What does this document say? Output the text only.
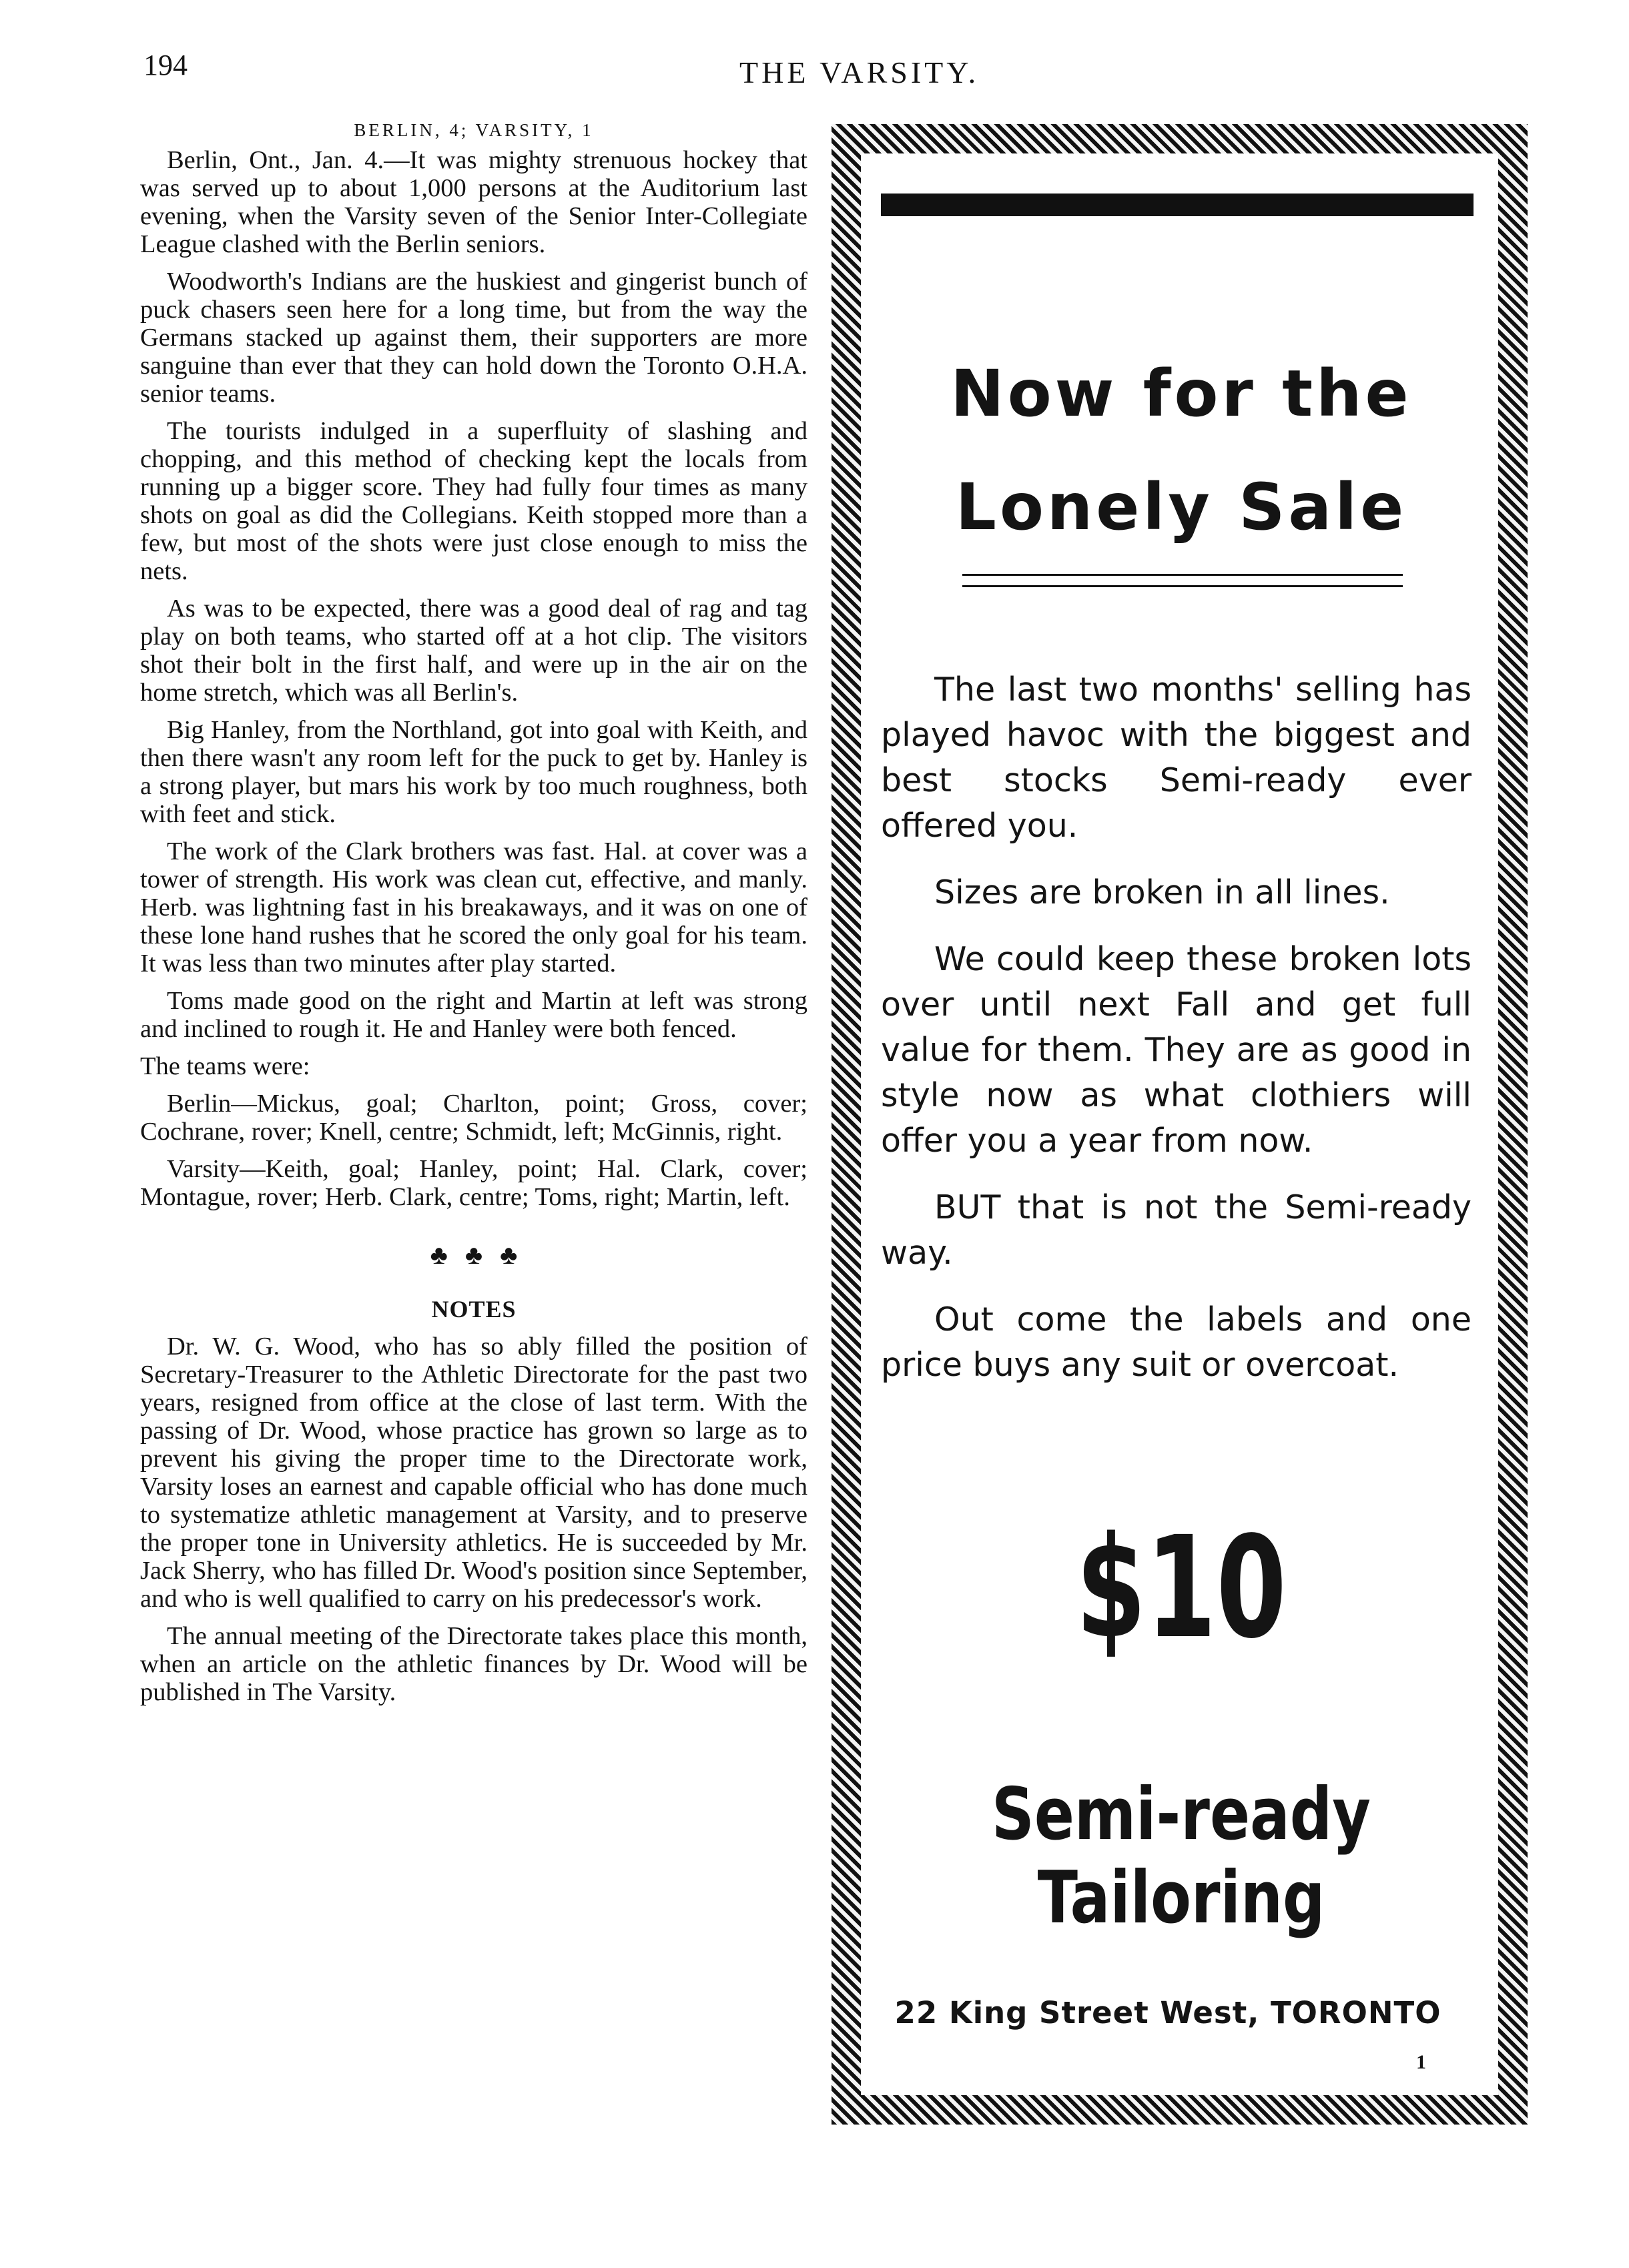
194	THE VARSITY.
BERLIN, 4; VARSITY, 1

Berlin, Ont., Jan. 4.—It was mighty strenuous hockey that was served up to about 1,000 persons at the Auditorium last evening, when the Varsity seven of the Senior Inter-Collegiate League clashed with the Berlin seniors.

Woodworth's Indians are the huskiest and gingerist bunch of puck chasers seen here for a long time, but from the way the Germans stacked up against them, their supporters are more sanguine than ever that they can hold down the Toronto O.H.A. senior teams.

The tourists indulged in a superfluity of slashing and chopping, and this method of checking kept the locals from running up a bigger score. They had fully four times as many shots on goal as did the Collegians. Keith stopped more than a few, but most of the shots were just close enough to miss the nets.

As was to be expected, there was a good deal of rag and tag play on both teams, who started off at a hot clip. The visitors shot their bolt in the first half, and were up in the air on the home stretch, which was all Berlin's.

Big Hanley, from the Northland, got into goal with Keith, and then there wasn't any room left for the puck to get by. Hanley is a strong player, but mars his work by too much roughness, both with feet and stick.

The work of the Clark brothers was fast. Hal. at cover was a tower of strength. His work was clean cut, effective, and manly. Herb. was lightning fast in his breakaways, and it was on one of these lone hand rushes that he scored the only goal for his team. It was less than two minutes after play started.

Toms made good on the right and Martin at left was strong and inclined to rough it. He and Hanley were both fenced.

The teams were:

Berlin—Mickus, goal; Charlton, point; Gross, cover; Cochrane, rover; Knell, centre; Schmidt, left; McGinnis, right.

Varsity—Keith, goal; Hanley, point; Hal. Clark, cover; Montague, rover; Herb. Clark, centre; Toms, right; Martin, left.

♣ ♣ ♣
NOTES

Dr. W. G. Wood, who has so ably filled the position of Secretary-Treasurer to the Athletic Directorate for the past two years, resigned from office at the close of last term. With the passing of Dr. Wood, whose practice has grown so large as to prevent his giving the proper time to the Directorate work, Varsity loses an earnest and capable official who has done much to systematize athletic management at Varsity, and to preserve the proper tone in University athletics. He is succeeded by Mr. Jack Sherry, who has filled Dr. Wood's position since September, and who is well qualified to carry on his predecessor's work.

The annual meeting of the Directorate takes place this month, when an article on the athletic finances by Dr. Wood will be published in The Varsity.

Now for the
Lonely Sale

The last two months' selling has played havoc with the biggest and best stocks Semi-ready ever offered you.

Sizes are broken in all lines.

We could keep these broken lots over until next Fall and get full value for them. They are as good in style now as what clothiers will offer you a year from now.

BUT that is not the Semi-ready way.

Out come the labels and one price buys any suit or overcoat.

$10
Semi-ready
Tailoring
22 King Street West, TORONTO
1
